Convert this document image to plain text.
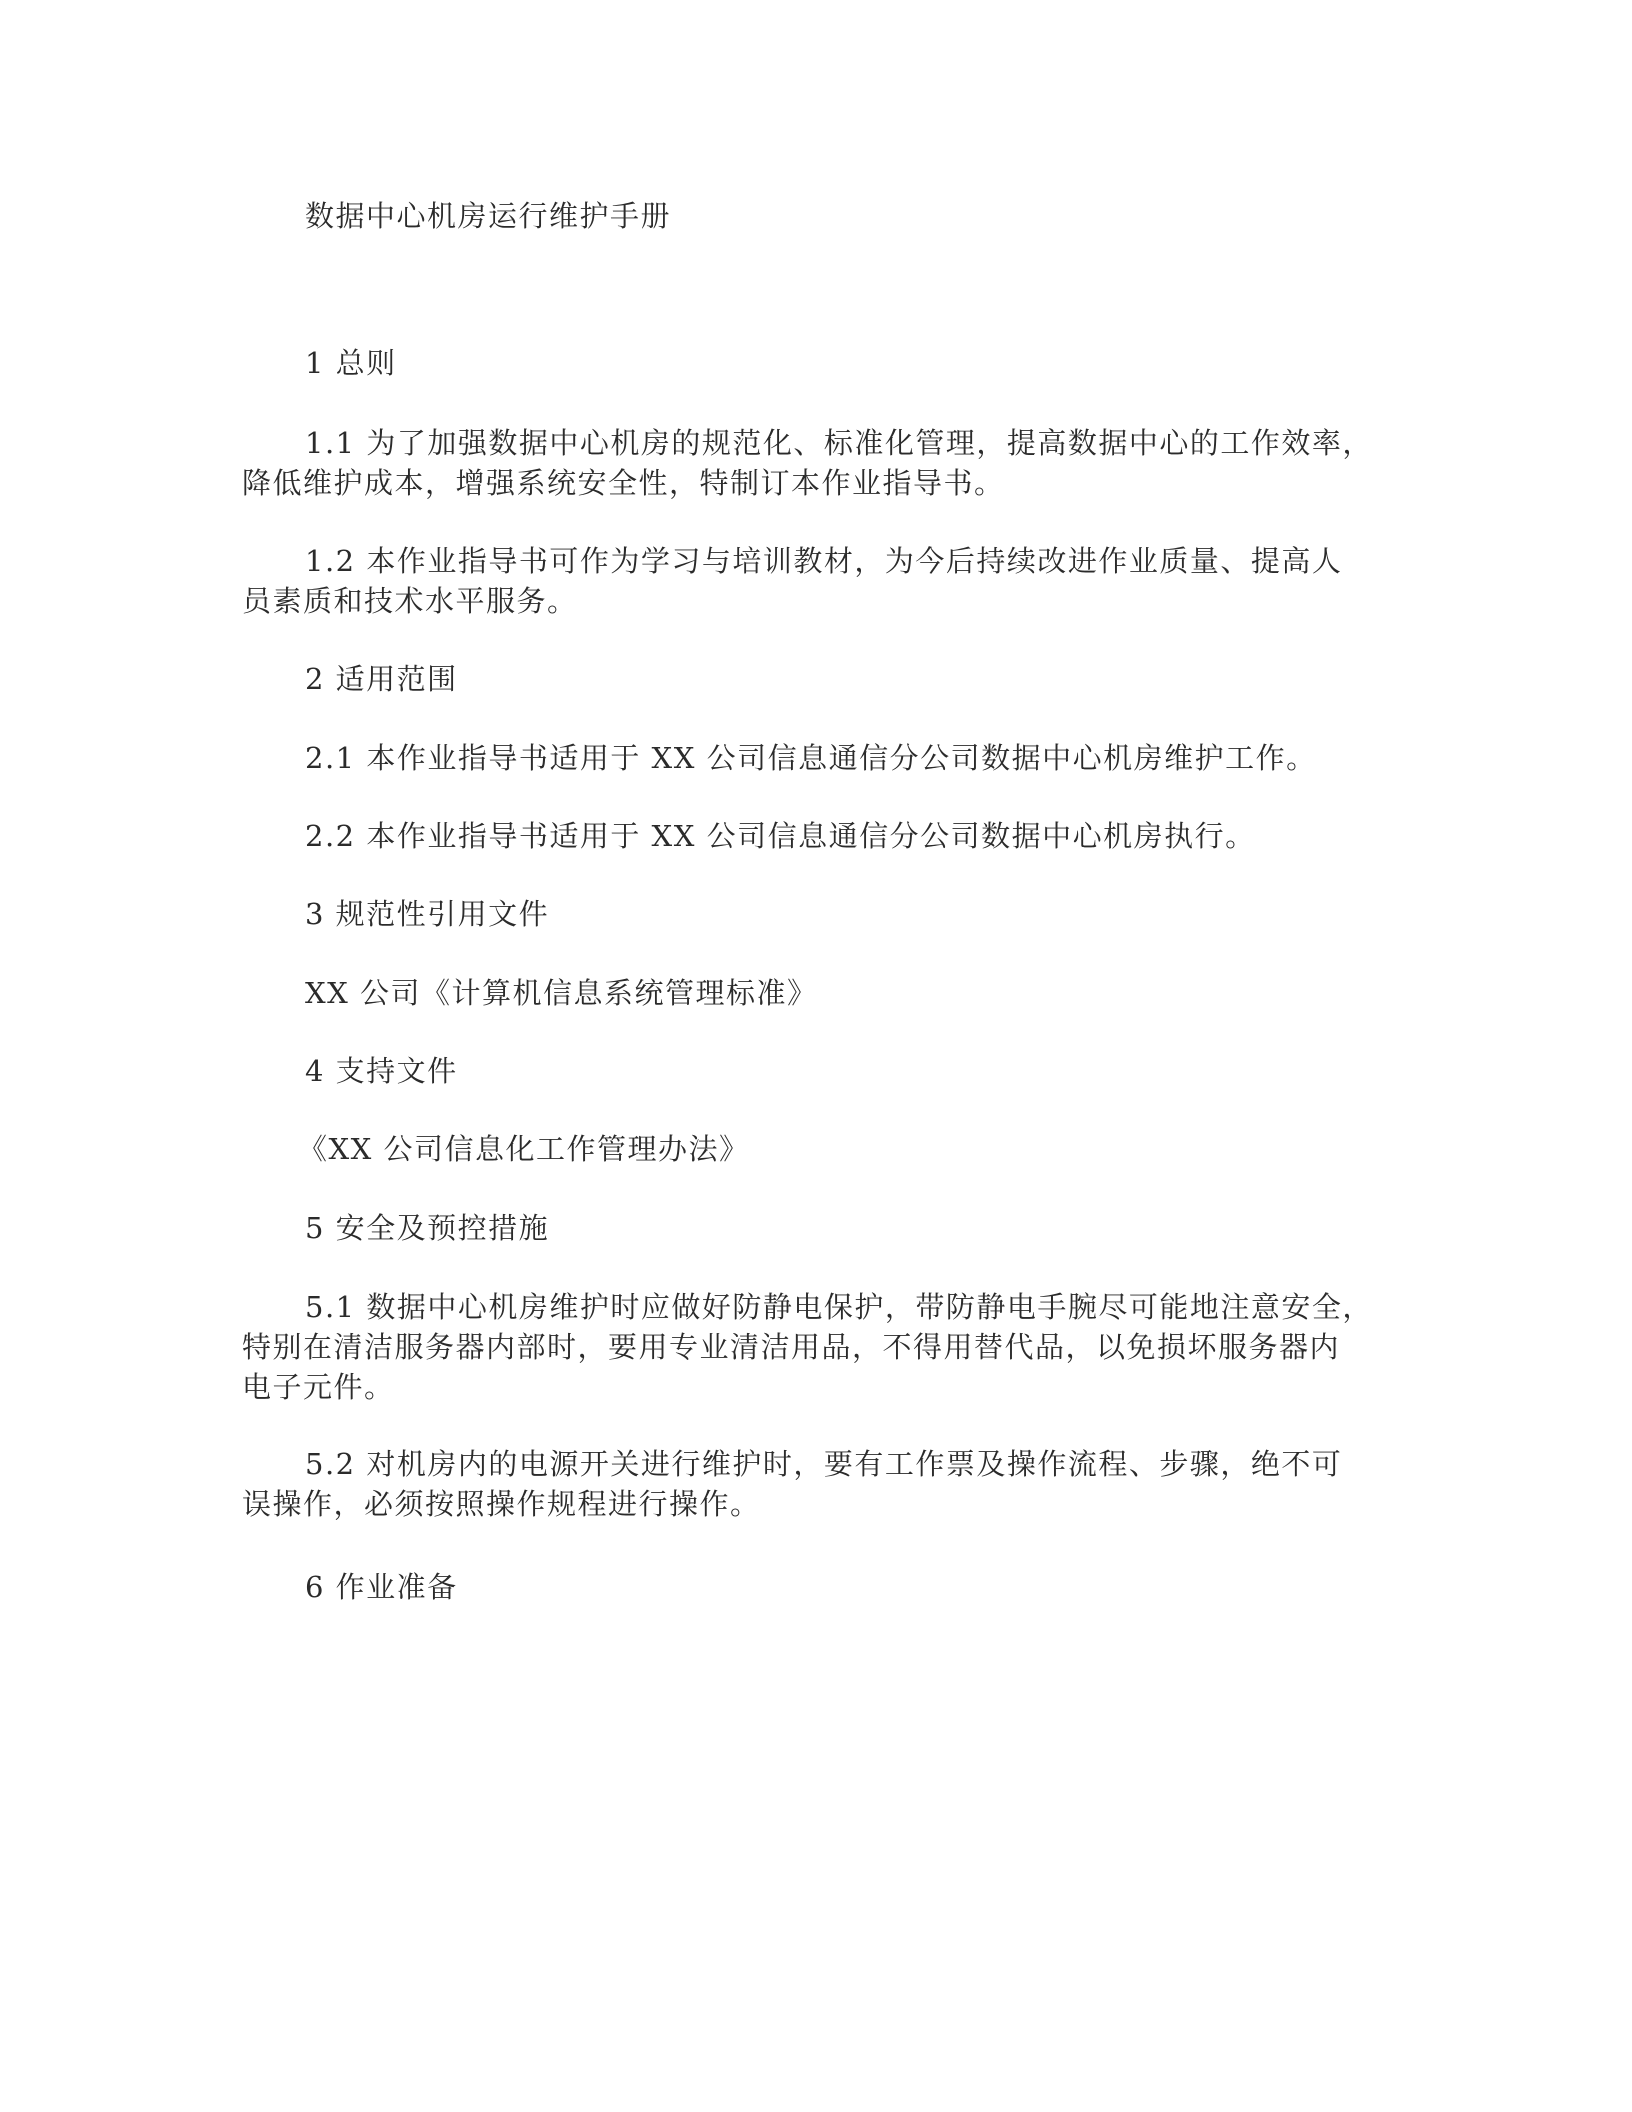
数据中心机房运行维护手册
1 总则
1.1 为了加强数据中心机房的规范化、标准化管理，提高数据中心的工作效率，
降低维护成本，增强系统安全性，特制订本作业指导书。
1.2 本作业指导书可作为学习与培训教材，为今后持续改进作业质量、提高人
员素质和技术水平服务。
2 适用范围
2.1 本作业指导书适用于 XX 公司信息通信分公司数据中心机房维护工作。
2.2 本作业指导书适用于 XX 公司信息通信分公司数据中心机房执行。
3 规范性引用文件
XX 公司《计算机信息系统管理标准》
4 支持文件
《XX 公司信息化工作管理办法》
5 安全及预控措施
5.1 数据中心机房维护时应做好防静电保护，带防静电手腕尽可能地注意安全，
特别在清洁服务器内部时，要用专业清洁用品，不得用替代品，以免损坏服务器内
电子元件。
5.2 对机房内的电源开关进行维护时，要有工作票及操作流程、步骤，绝不可
误操作，必须按照操作规程进行操作。
6 作业准备
